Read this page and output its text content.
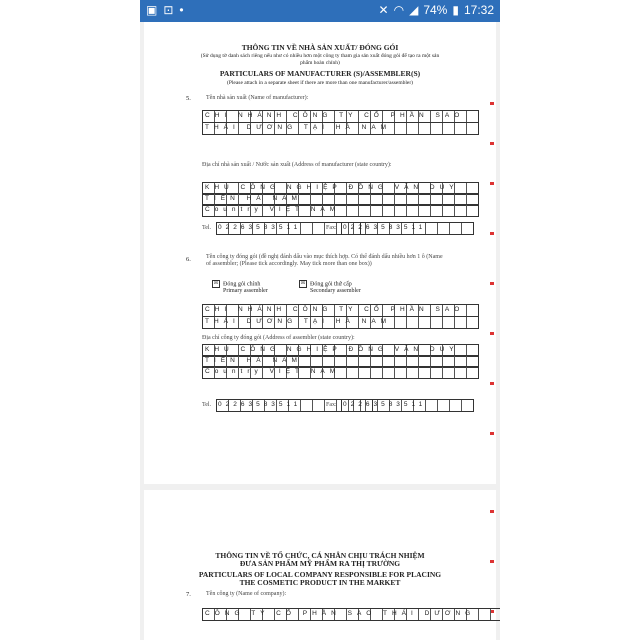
▣ ⊡ •	✕ ◠ ◢ 74% ▮ 17:32
THÔNG TIN VỀ NHÀ SẢN XUẤT/ ĐÓNG GÓI
(Sử dụng tờ danh sách riêng nếu như có nhiều hơn một công ty tham gia sản xuất đóng gói để tạo ra một sản phẩm hoàn chỉnh)
PARTICULARS OF MANUFACTURER (S)/ASSEMBLER(S)
(Please attach in a separate sheet if there are more than one manufacturer/assembler)
5.	Tên nhà sản xuất (Name of manufacturer):
CHI NHÁNH CÔNG TY CỔ PHẦN SAO
THÁI DƯƠNG TẠI HÀ NAM
Địa chỉ nhà sản xuất / Nước sản xuất (Address of manufacturer (state country):
KHU CÔNG NGHIỆP ĐỒNG VĂN DUY
TIÊN HÀ NAM
Country VIỆT NAM
Tel. 02263583511	Fax: 02263583511
6.	Tên công ty đóng gói (đề nghị đánh dấu vào mục thích hợp. Có thể đánh dấu nhiều hơn 1 ô (Name of assembler; (Please tick accordingly. May tick more than one box))
☒ Đóng gói chính
Primary assembler
☒ Đóng gói thứ cấp
Secondary assembler
CHI NHÁNH CÔNG TY CỔ PHẦN SAO
THÁI DƯƠNG TẠI HÀ NAM
Địa chỉ công ty đóng gói (Address of assembler (state country):
KHU CÔNG NGHIỆP ĐỒNG VĂN DUY
TIÊN HÀ NAM
Country VIỆT NAM
Tel. 02263583511	Fax: 02263583511
THÔNG TIN VỀ TỔ CHỨC, CÁ NHÂN CHỊU TRÁCH NHIỆM
ĐƯA SẢN PHẨM MỸ PHẨM RA THỊ TRƯỜNG
PARTICULARS OF LOCAL COMPANY RESPONSIBLE FOR PLACING
THE COSMETIC PRODUCT IN THE MARKET
7.	Tên công ty (Name of company):
CÔNG TY CỔ PHẦN SAO THÁI DƯƠNG
